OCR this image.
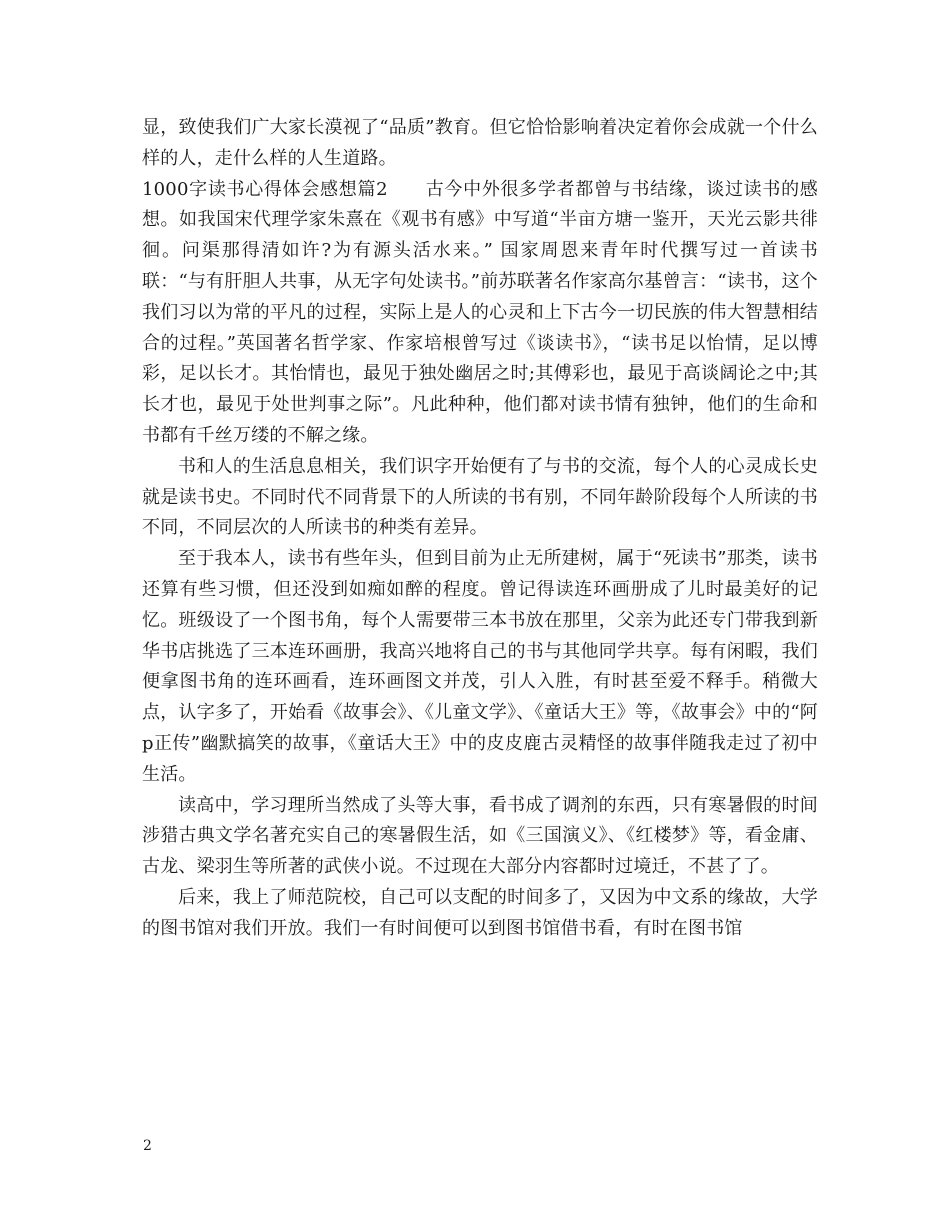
显，致使我们广大家长漠视了“品质”教育。但它恰恰影响着决定着你会成就一个什么样的人，走什么样的人生道路。

1000字读书心得体会感想篇2　　古今中外很多学者都曾与书结缘，谈过读书的感想。如我国宋代理学家朱熹在《观书有感》中写道“半亩方塘一鉴开，天光云影共徘徊。问渠那得清如许?为有源头活水来。” 国家周恩来青年时代撰写过一首读书联：“与有肝胆人共事，从无字句处读书。”前苏联著名作家高尔基曾言：“读书，这个我们习以为常的平凡的过程，实际上是人的心灵和上下古今一切民族的伟大智慧相结合的过程。”英国著名哲学家、作家培根曾写过《谈读书》，“读书足以怡情，足以博彩，足以长才。其怡情也，最见于独处幽居之时;其傅彩也，最见于高谈阔论之中;其长才也，最见于处世判事之际”。凡此种种，他们都对读书情有独钟，他们的生命和书都有千丝万缕的不解之缘。

书和人的生活息息相关，我们识字开始便有了与书的交流，每个人的心灵成长史就是读书史。不同时代不同背景下的人所读的书有别，不同年龄阶段每个人所读的书不同，不同层次的人所读书的种类有差异。

至于我本人，读书有些年头，但到目前为止无所建树，属于“死读书”那类，读书还算有些习惯，但还没到如痴如醉的程度。曾记得读连环画册成了儿时最美好的记忆。班级设了一个图书角，每个人需要带三本书放在那里，父亲为此还专门带我到新华书店挑选了三本连环画册，我高兴地将自己的书与其他同学共享。每有闲暇，我们便拿图书角的连环画看，连环画图文并茂，引人入胜，有时甚至爱不释手。稍微大点，认字多了，开始看《故事会》、《儿童文学》、《童话大王》等，《故事会》中的“阿p正传”幽默搞笑的故事，《童话大王》中的皮皮鹿古灵精怪的故事伴随我走过了初中生活。

读高中，学习理所当然成了头等大事，看书成了调剂的东西，只有寒暑假的时间涉猎古典文学名著充实自己的寒暑假生活，如《三国演义》、《红楼梦》等，看金庸、古龙、梁羽生等所著的武侠小说。不过现在大部分内容都时过境迁，不甚了了。

后来，我上了师范院校，自己可以支配的时间多了，又因为中文系的缘故，大学的图书馆对我们开放。我们一有时间便可以到图书馆借书看，有时在图书馆

2
